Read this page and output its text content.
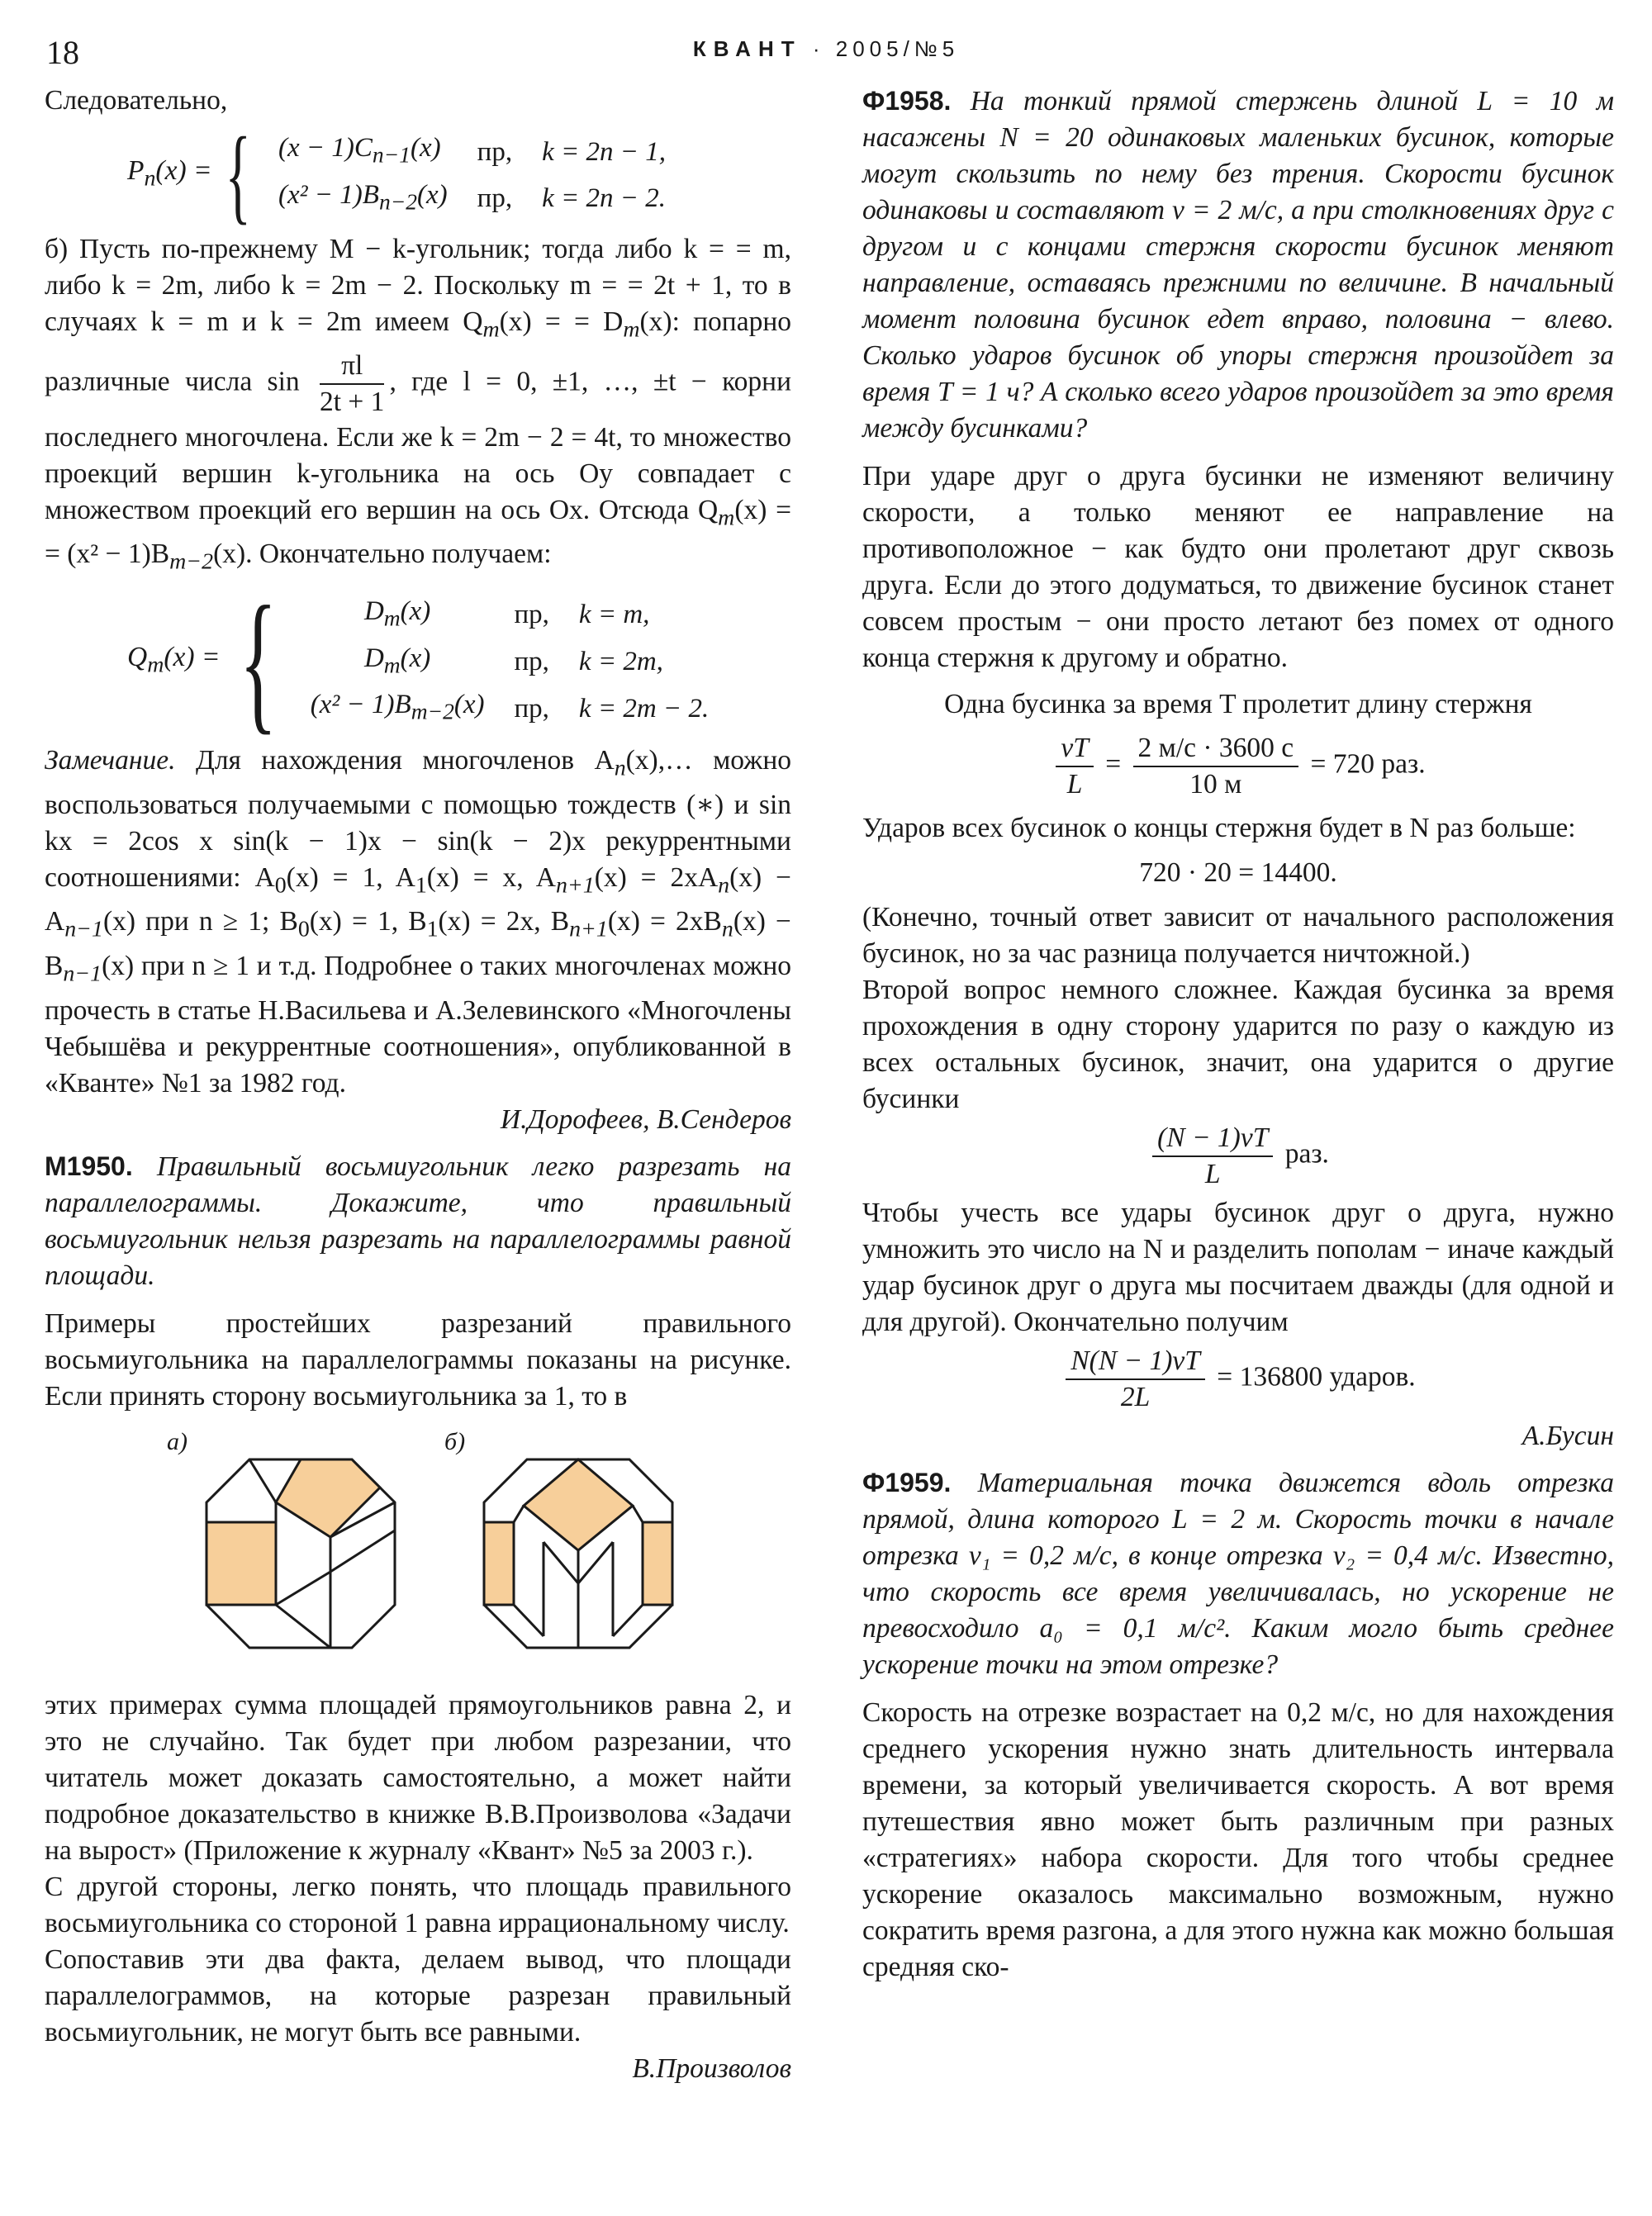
18	КВАНТ · 2005/№5

Следовательно,

$P_n(x)$ = { $(x - 1)C_{n-1}(x)$	пр,	k = 2n − 1,
$(x^2 - 1)B_{n-2}(x)$	пр,	k = 2n − 2.

б) Пусть по-прежнему M − k-угольник; тогда либо k = = m, либо k = 2m, либо k = 2m − 2. Поскольку m = = 2t + 1, то в случаях k = m и k = 2m имеем $Q_m(x)$ = = $D_m(x)$: попарно различные числа $\sin \frac{\pi l}{2t + 1}$ , где l = 0, ±1, …, ±t − корни последнего многочлена. Если же k = 2m − 2 = 4t, то множество проекций вершин k-угольника на ось Oy совпадает с множеством проекций его вершин на ось Ox. Отсюда $Q_m(x)$ = = $(x^2 - 1)B_{m-2}(x)$. Окончательно получаем:

$Q_m(x)$ = {	$D_m(x)$	пр,	k = m,
$D_m(x)$	пр,	k = 2m,
$(x^2 - 1)B_{m-2}(x)$	пр,	k = 2m − 2.

Замечание. Для нахождения многочленов $A_n(x),\dots$ можно воспользоваться получаемыми с помощью тождеств (∗) и sin kx = 2cos x sin(k − 1)x − sin(k − 2)x рекуррентными соотношениями: $A_0(x) = 1$, $A_1(x) = x$, $A_{n+1}(x) = 2xA_n(x) - A_{n-1}(x)$ при n ≥ 1; $B_0(x) = 1$, $B_1(x) = 2x$, $B_{n+1}(x) = 2xB_n(x) - B_{n-1}(x)$ при n ≥ 1 и т.д. Подробнее о таких многочленах можно прочесть в статье Н.Васильева и А.Зелевинского «Многочлены Чебышёва и рекуррентные соотношения», опубликованной в «Кванте» №1 за 1982 год.

И.Дорофеев, В.Сендеров

М1950. Правильный восьмиугольник легко разрезать на параллелограммы. Докажите, что правильный восьмиугольник нельзя разрезать на параллелограммы равной площади.

Примеры простейших разрезаний правильного восьмиугольника на параллелограммы показаны на рисунке. Если принять сторону восьмиугольника за 1, то в

а)	б)

этих примерах сумма площадей прямоугольников равна 2, и это не случайно. Так будет при любом разрезании, что читатель может доказать самостоятельно, а может найти подробное доказательство в книжке В.В.Произволова «Задачи на вырост» (Приложение к журналу «Квант» №5 за 2003 г.).

С другой стороны, легко понять, что площадь правильного восьмиугольника со стороной 1 равна иррациональному числу.

Сопоставив эти два факта, делаем вывод, что площади параллелограммов, на которые разрезан правильный восьмиугольник, не могут быть все равными.

В.Произволов

Ф1958. На тонкий прямой стержень длиной L = 10 м насажены N = 20 одинаковых маленьких бусинок, которые могут скользить по нему без трения. Скорости бусинок одинаковы и составляют v = 2 м/с, а при столкновениях друг с другом и с концами стержня скорости бусинок меняют направление, оставаясь прежними по величине. В начальный момент половина бусинок едет вправо, половина − влево. Сколько ударов бусинок об упоры стержня произойдет за время T = 1 ч? А сколько всего ударов произойдет за это время между бусинками?

При ударе друг о друга бусинки не изменяют величину скорости, а только меняют ее направление на противоположное − как будто они пролетают друг сквозь друга. Если до этого додуматься, то движение бусинок станет совсем простым − они просто летают без помех от одного конца стержня к другому и обратно.

Одна бусинка за время T пролетит длину стержня

$\frac{vT}{L} = \frac{2 м/с \cdot 3600 с}{10 м} = 720$ раз.

Ударов всех бусинок о концы стержня будет в N раз больше:

720 · 20 = 14400.

(Конечно, точный ответ зависит от начального расположения бусинок, но за час разница получается ничтожной.)

Второй вопрос немного сложнее. Каждая бусинка за время прохождения в одну сторону ударится по разу о каждую из всех остальных бусинок, значит, она ударится о другие бусинки

$\frac{(N - 1)vT}{L}$ раз.

Чтобы учесть все удары бусинок друг о друга, нужно умножить это число на N и разделить пополам − иначе каждый удар бусинок друг о друга мы посчитаем дважды (для одной и для другой). Окончательно получим

$\frac{N(N - 1)vT}{2L} = 136800$ ударов.

А.Бусин

Ф1959. Материальная точка движется вдоль отрезка прямой, длина которого L = 2 м. Скорость точки в начале отрезка v₁ = 0,2 м/с, в конце отрезка v₂ = 0,4 м/с. Известно, что скорость все время увеличивалась, но ускорение не превосходило a₀ = 0,1 м/с². Каким могло быть среднее ускорение точки на этом отрезке?

Скорость на отрезке возрастает на 0,2 м/с, но для нахождения среднего ускорения нужно знать длительность интервала времени, за который увеличивается скорость. А вот время путешествия явно может быть различным при разных «стратегиях» набора скорости. Для того чтобы среднее ускорение оказалось максимально возможным, нужно сократить время разгона, а для этого нужна как можно большая средняя ско-
